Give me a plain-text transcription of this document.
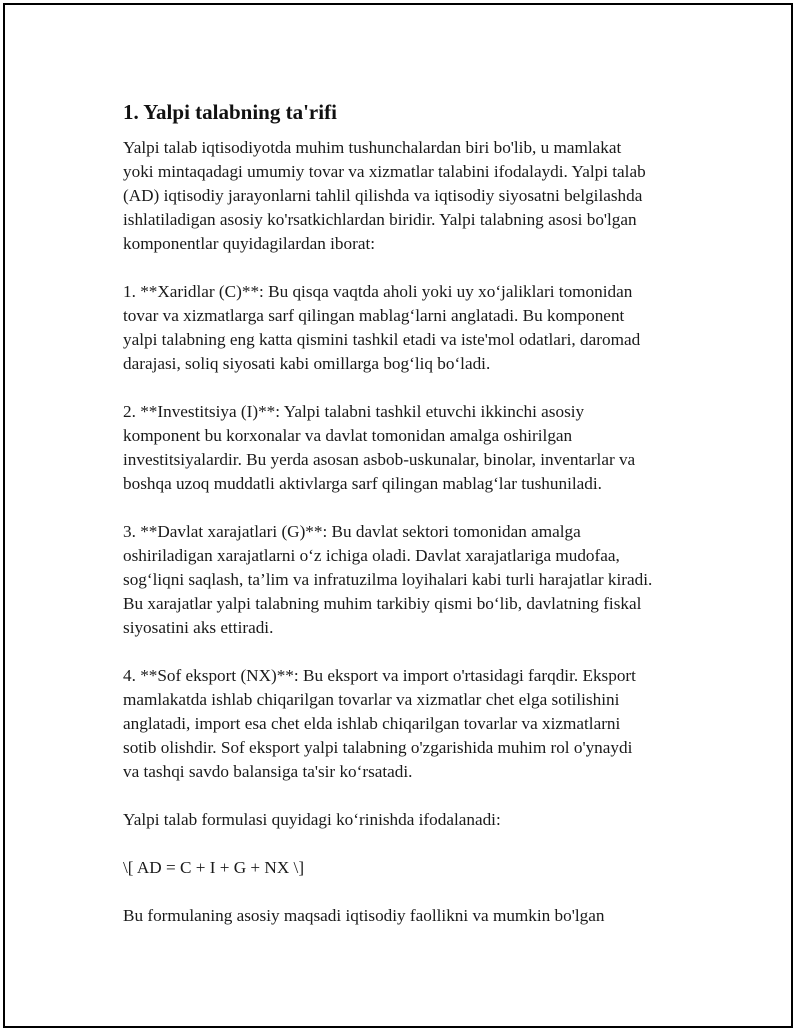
1. Yalpi talabning ta'rifi
Yalpi talab iqtisodiyotda muhim tushunchalardan biri bo'lib, u mamlakat
yoki mintaqadagi umumiy tovar va xizmatlar talabini ifodalaydi. Yalpi talab
(AD) iqtisodiy jarayonlarni tahlil qilishda va iqtisodiy siyosatni belgilashda
ishlatiladigan asosiy ko'rsatkichlardan biridir. Yalpi talabning asosi bo'lgan
komponentlar quyidagilardan iborat:
1. **Xaridlar (C)**: Bu qisqa vaqtda aholi yoki uy xo‘jaliklari tomonidan
tovar va xizmatlarga sarf qilingan mablag‘larni anglatadi. Bu komponent
yalpi talabning eng katta qismini tashkil etadi va iste'mol odatlari, daromad
darajasi, soliq siyosati kabi omillarga bog‘liq bo‘ladi.
2. **Investitsiya (I)**: Yalpi talabni tashkil etuvchi ikkinchi asosiy
komponent bu korxonalar va davlat tomonidan amalga oshirilgan
investitsiyalardir. Bu yerda asosan asbob-uskunalar, binolar, inventarlar va
boshqa uzoq muddatli aktivlarga sarf qilingan mablag‘lar tushuniladi.
3. **Davlat xarajatlari (G)**: Bu davlat sektori tomonidan amalga
oshiriladigan xarajatlarni o‘z ichiga oladi. Davlat xarajatlariga mudofaa,
sog‘liqni saqlash, ta’lim va infratuzilma loyihalari kabi turli harajatlar kiradi.
Bu xarajatlar yalpi talabning muhim tarkibiy qismi bo‘lib, davlatning fiskal
siyosatini aks ettiradi.
4. **Sof eksport (NX)**: Bu eksport va import o'rtasidagi farqdir. Eksport
mamlakatda ishlab chiqarilgan tovarlar va xizmatlar chet elga sotilishini
anglatadi, import esa chet elda ishlab chiqarilgan tovarlar va xizmatlarni
sotib olishdir. Sof eksport yalpi talabning o'zgarishida muhim rol o'ynaydi
va tashqi savdo balansiga ta'sir ko‘rsatadi.
Yalpi talab formulasi quyidagi ko‘rinishda ifodalanadi:
\[ AD = C + I + G + NX \]
Bu formulaning asosiy maqsadi iqtisodiy faollikni va mumkin bo'lgan
